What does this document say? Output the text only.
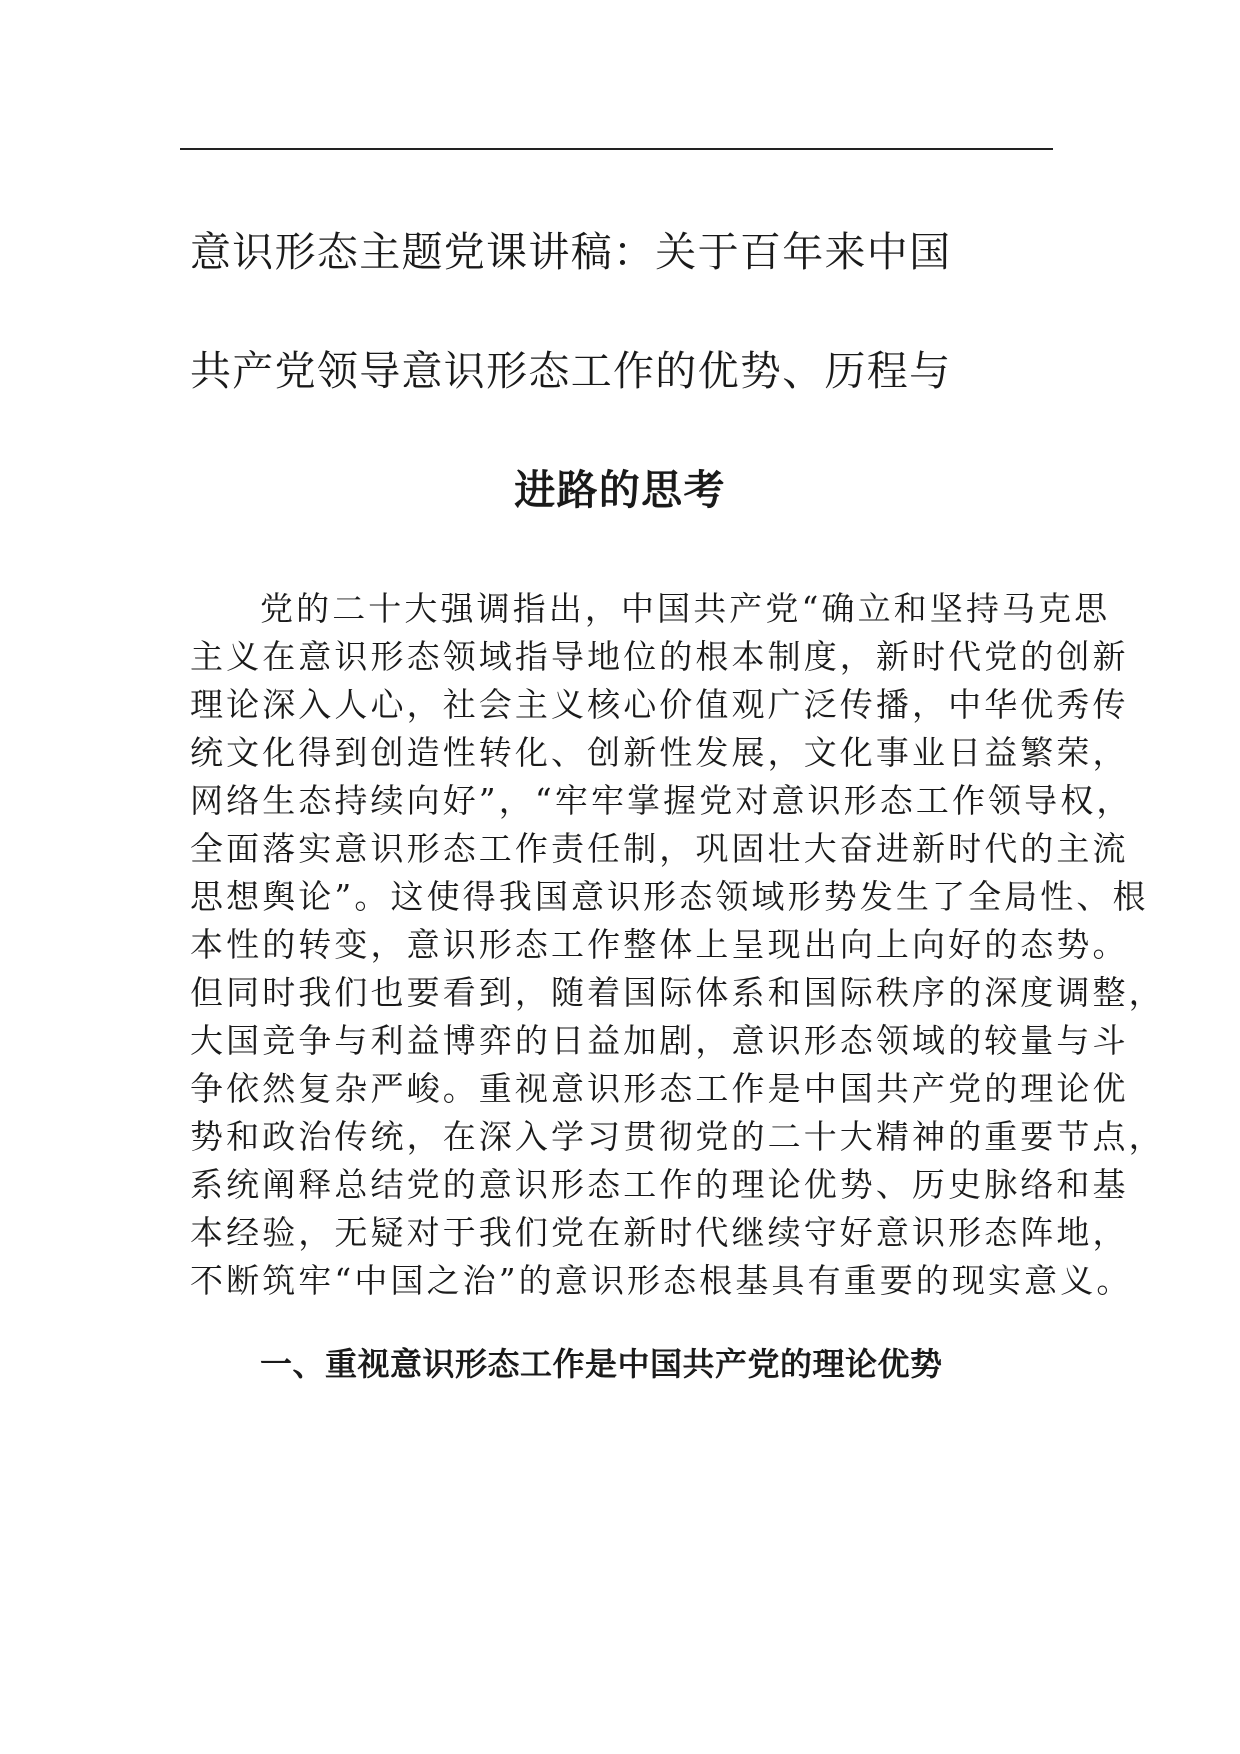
意识形态主题党课讲稿：关于百年来中国
共产党领导意识形态工作的优势、历程与
进路的思考
党的二十大强调指出，中国共产党“确立和坚持马克思
主义在意识形态领域指导地位的根本制度，新时代党的创新
理论深入人心，社会主义核心价值观广泛传播，中华优秀传
统文化得到创造性转化、创新性发展，文化事业日益繁荣，
网络生态持续向好”，“牢牢掌握党对意识形态工作领导权，
全面落实意识形态工作责任制，巩固壮大奋进新时代的主流
思想舆论”。这使得我国意识形态领域形势发生了全局性、根
本性的转变，意识形态工作整体上呈现出向上向好的态势。
但同时我们也要看到，随着国际体系和国际秩序的深度调整，
大国竞争与利益博弈的日益加剧，意识形态领域的较量与斗
争依然复杂严峻。重视意识形态工作是中国共产党的理论优
势和政治传统，在深入学习贯彻党的二十大精神的重要节点，
系统阐释总结党的意识形态工作的理论优势、历史脉络和基
本经验，无疑对于我们党在新时代继续守好意识形态阵地，
不断筑牢“中国之治”的意识形态根基具有重要的现实意义。
一、重视意识形态工作是中国共产党的理论优势
